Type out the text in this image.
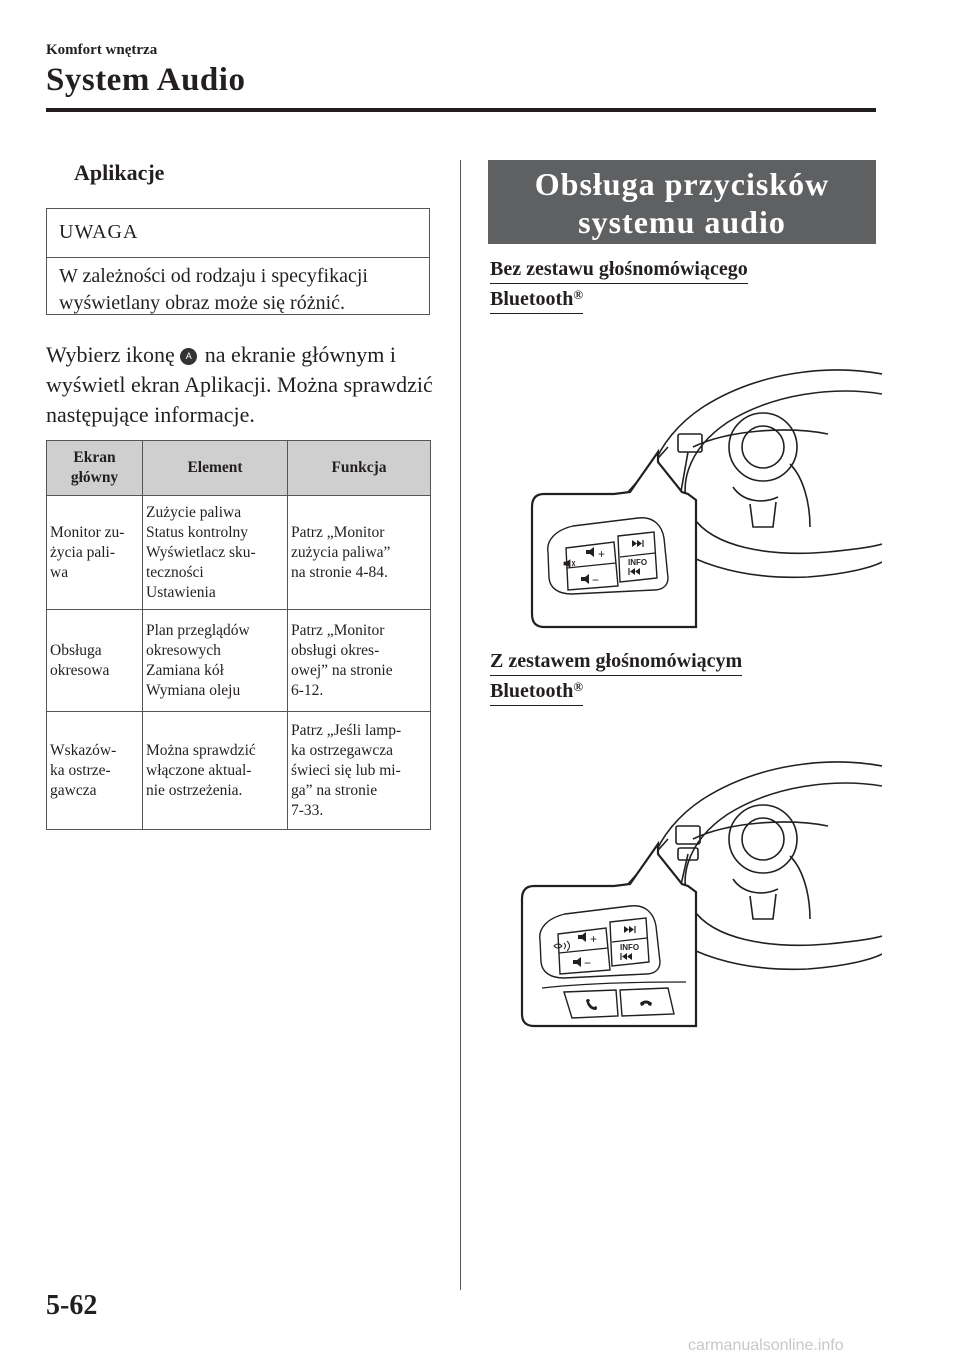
Komfort wnętrza
System Audio
Aplikacje
UWAGA
W zależności od rodzaju i specyfikacji wyświetlany obraz może się różnić.
Wybierz ikonę A na ekranie głównym i wyświetl ekran Aplikacji. Można sprawdzić następujące informacje.
Ekran
główny	Element	Funkcja

Monitor zu-
życia pali-
wa	Zużycie paliwa
Status kontrolny
Wyświetlacz sku-
teczności
Ustawienia	Patrz „Monitor
zużycia paliwa”
na stronie 4-84.

Obsługa
okresowa	Plan przeglądów
okresowych
Zamiana kół
Wymiana oleju	Patrz „Monitor
obsługi okres-
owej” na stronie
6-12.

Wskazów-
ka ostrze-
gawcza	Można sprawdzić
włączone aktual-
nie ostrzeżenia.	Patrz „Jeśli lamp-
ka ostrzegawcza
świeci się lub mi-
ga” na stronie
7-33.
Obsługa przycisków
systemu audio
Bez zestawu głośnomówiącego
Bluetooth®
+
−
INFO
Z zestawem głośnomówiącym
Bluetooth®
+
−
INFO
5-62
carmanualsonline.info
